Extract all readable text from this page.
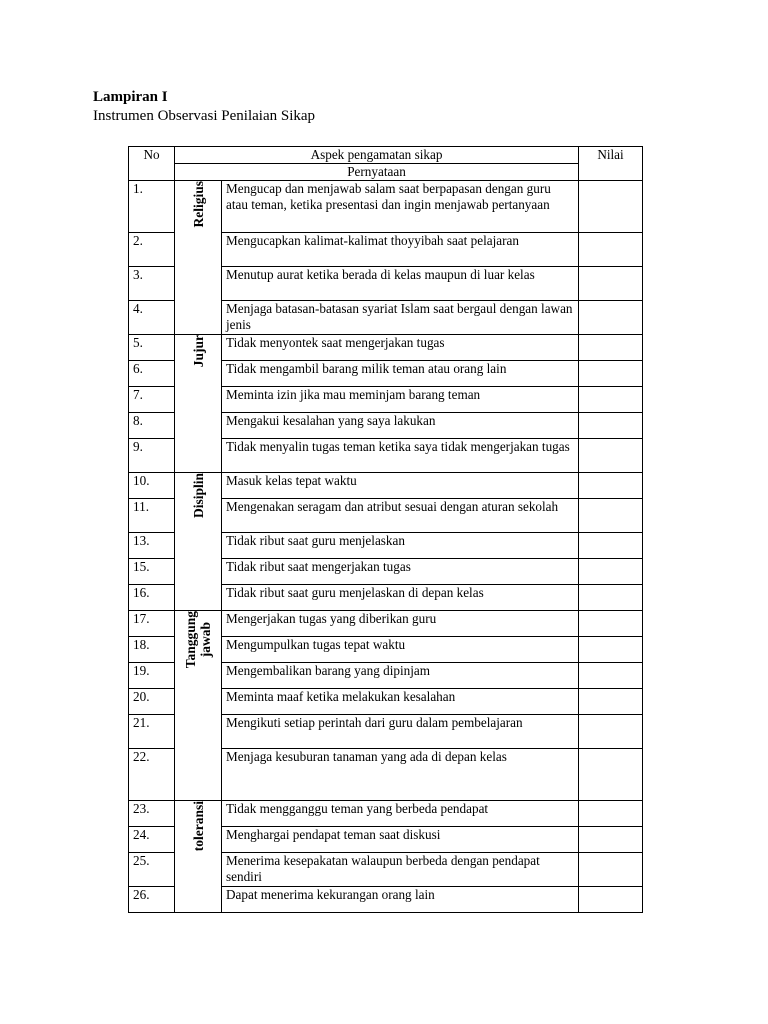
Lampiran I
Instrumen Observasi Penilaian Sikap
No	Aspek pengamatan sikap		Nilai
	Pernyataan		
1.	Religius	Mengucap dan menjawab salam saat berpapasan dengan guru atau teman, ketika presentasi dan ingin menjawab pertanyaan	
2.		Mengucapkan kalimat-kalimat thoyyibah saat pelajaran	
3.		Menutup aurat ketika berada di kelas maupun di luar kelas	
4.		Menjaga batasan-batasan syariat Islam saat bergaul dengan lawan jenis	
5.	Jujur	Tidak menyontek saat mengerjakan tugas	
6.		Tidak mengambil barang milik teman atau orang lain	
7.		Meminta izin jika mau meminjam barang teman	
8.		Mengakui kesalahan yang saya lakukan	
9.		Tidak menyalin tugas teman ketika saya tidak mengerjakan tugas	
10.	Disiplin	Masuk kelas tepat waktu	
11.		Mengenakan seragam dan atribut sesuai dengan aturan sekolah	
13.		Tidak ribut saat guru menjelaskan	
15.		Tidak ribut saat mengerjakan tugas	
16.		Tidak ribut saat guru menjelaskan di depan kelas	
17.	Tanggung jawab	Mengerjakan tugas yang diberikan guru	
18.		Mengumpulkan tugas tepat waktu	
19.		Mengembalikan barang yang dipinjam	
20.		Meminta maaf ketika melakukan kesalahan	
21.		Mengikuti setiap perintah dari guru dalam pembelajaran	
22.		Menjaga kesuburan tanaman yang ada di depan kelas	
23.	toleransi	Tidak mengganggu teman yang berbeda pendapat	
24.		Menghargai pendapat teman saat diskusi	
25.		Menerima kesepakatan walaupun berbeda dengan pendapat sendiri	
26.		Dapat menerima kekurangan orang lain	
